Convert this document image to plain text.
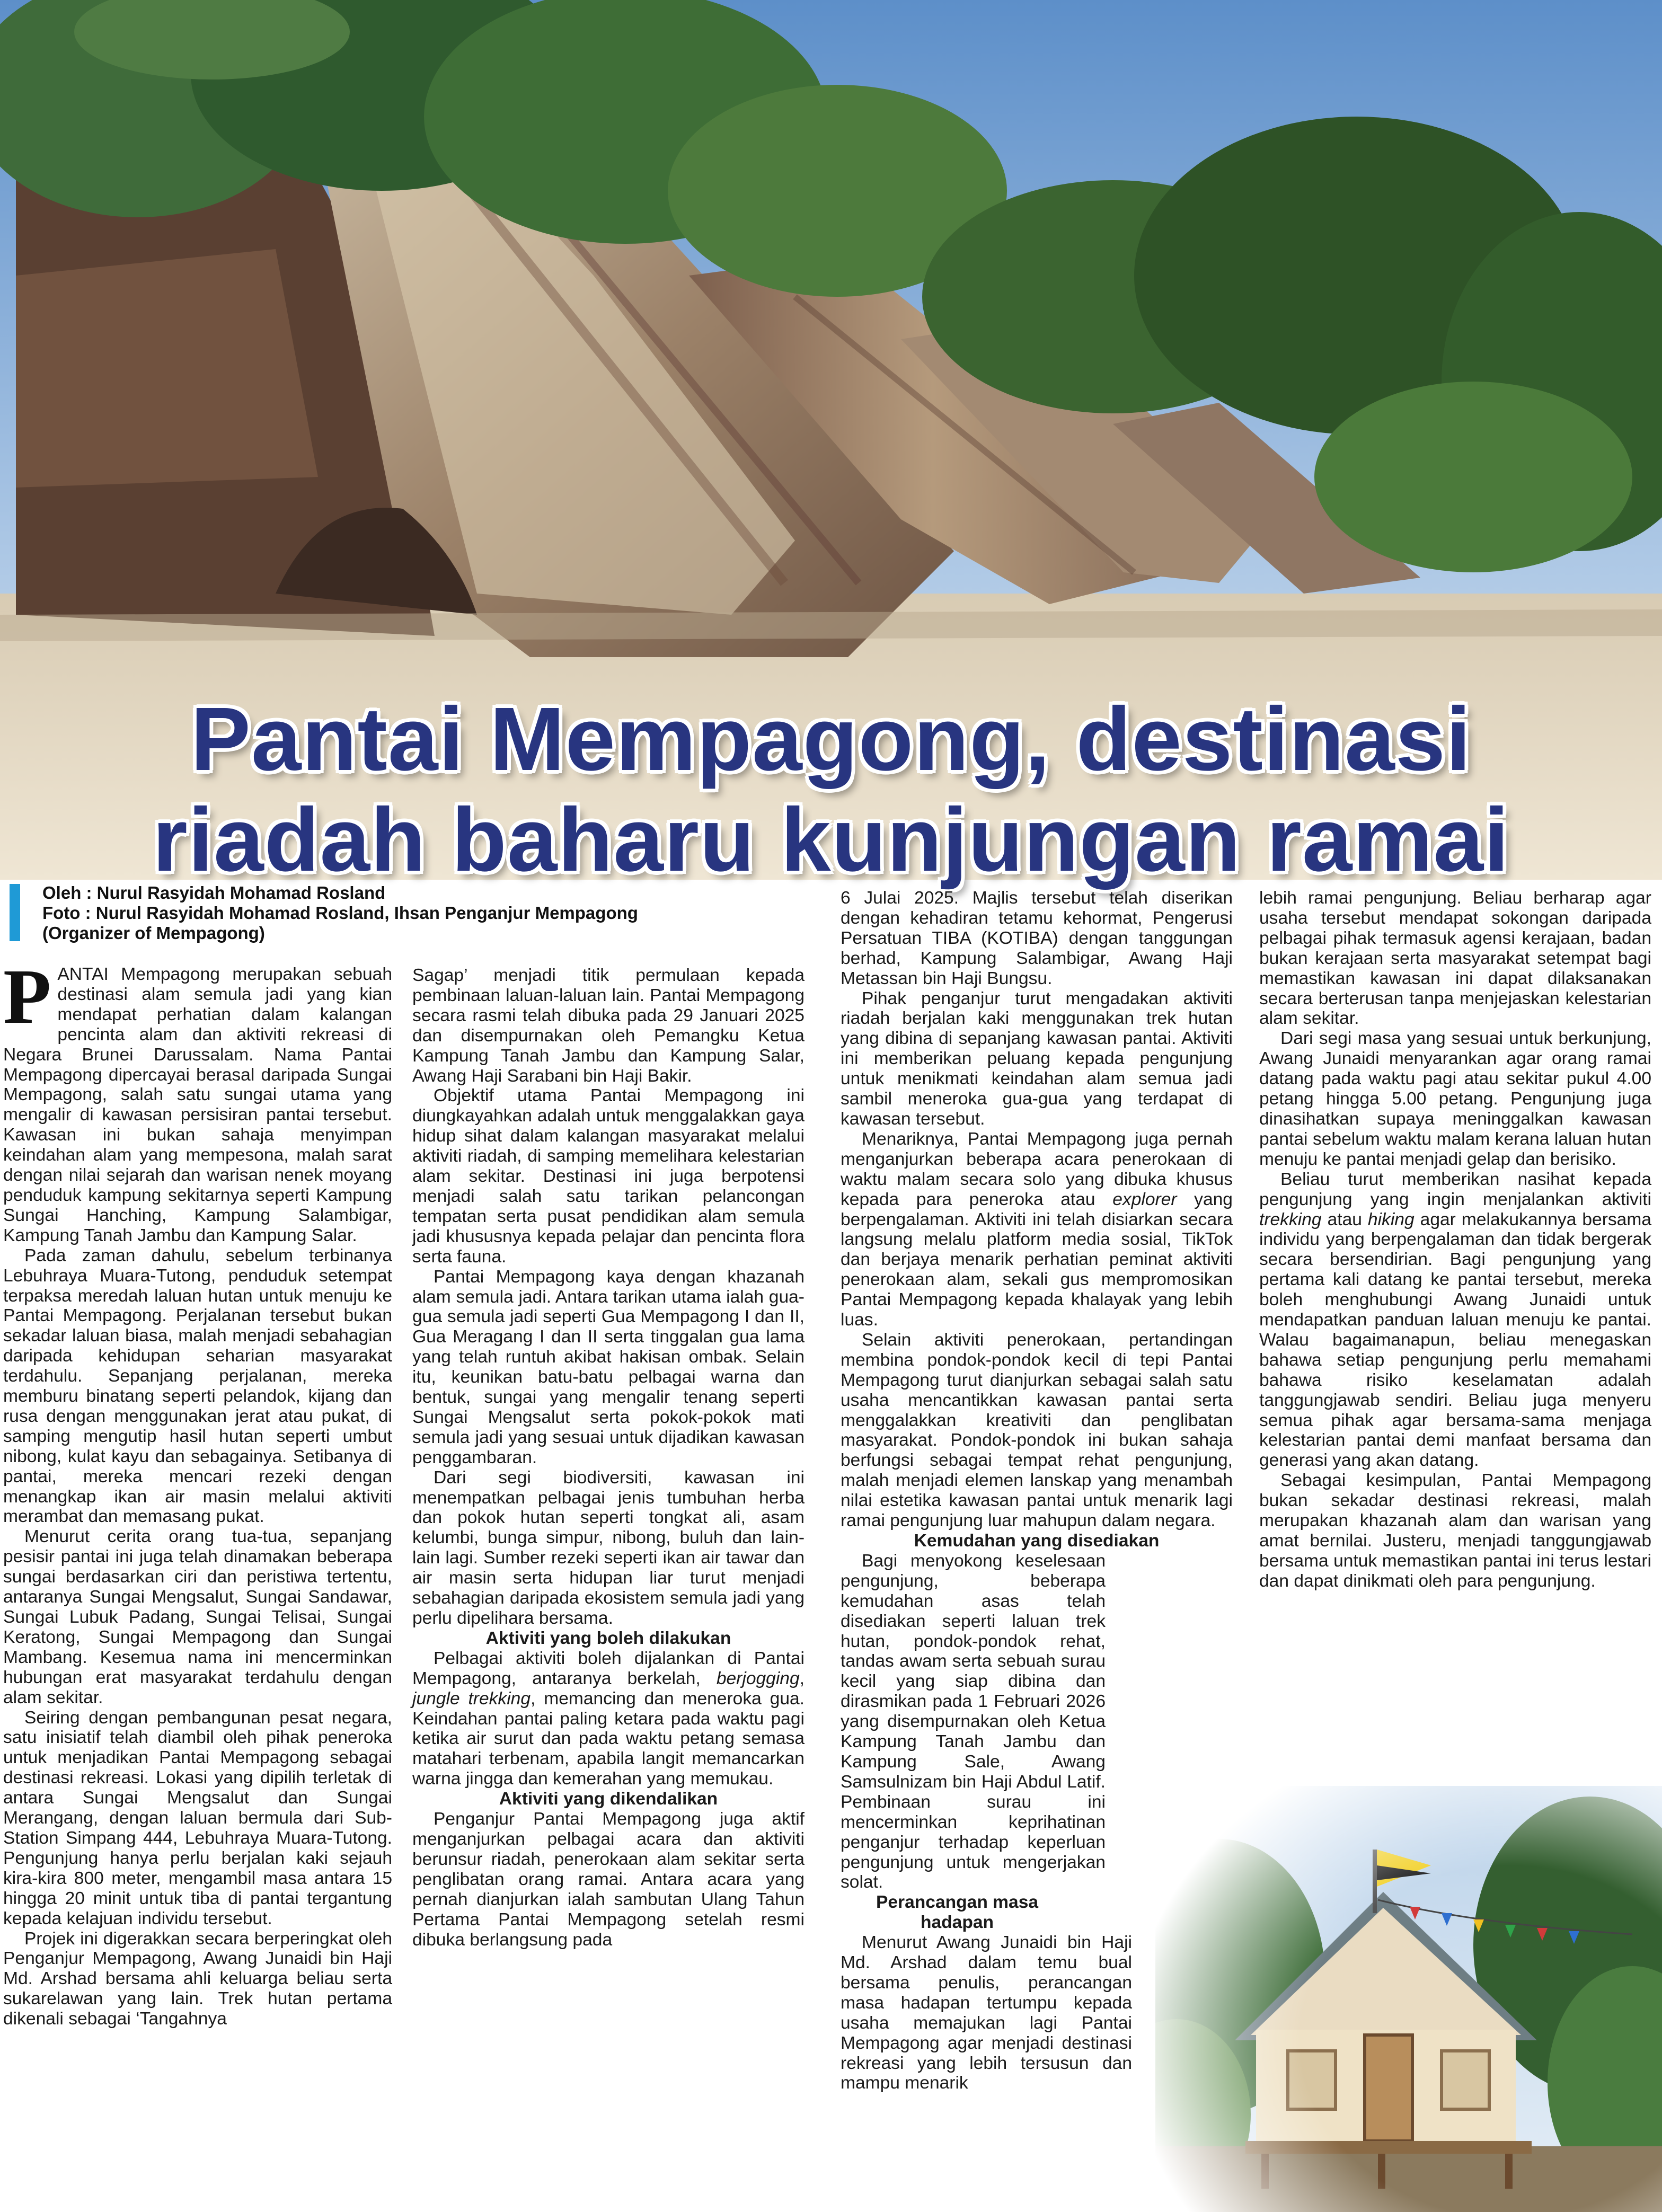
Pantai Mempagong, destinasi
riadah baharu kunjungan ramai
Oleh : Nurul Rasyidah Mohamad Rosland
Foto : Nurul Rasyidah Mohamad Rosland, Ihsan Penganjur Mempagong
(Organizer of Mempagong)

PANTAI Mempagong merupakan sebuah destinasi alam semula jadi yang kian mendapat perhatian dalam kalangan pencinta alam dan aktiviti rekreasi di Negara Brunei Darussalam. Nama Pantai Mempagong dipercayai berasal daripada Sungai Mempagong, salah satu sungai utama yang mengalir di kawasan persisiran pantai tersebut. Kawasan ini bukan sahaja menyimpan keindahan alam yang mempesona, malah sarat dengan nilai sejarah dan warisan nenek moyang penduduk kampung sekitarnya seperti Kampung Sungai Hanching, Kampung Salambigar, Kampung Tanah Jambu dan Kampung Salar.

Pada zaman dahulu, sebelum terbinanya Lebuhraya Muara-Tutong, penduduk setempat terpaksa meredah laluan hutan untuk menuju ke Pantai Mempagong. Perjalanan tersebut bukan sekadar laluan biasa, malah menjadi sebahagian daripada kehidupan seharian masyarakat terdahulu. Sepanjang perjalanan, mereka memburu binatang seperti pelandok, kijang dan rusa dengan menggunakan jerat atau pukat, di samping mengutip hasil hutan seperti umbut nibong, kulat kayu dan sebagainya. Setibanya di pantai, mereka mencari rezeki dengan menangkap ikan air masin melalui aktiviti merambat dan memasang pukat.

Menurut cerita orang tua-tua, sepanjang pesisir pantai ini juga telah dinamakan beberapa sungai berdasarkan ciri dan peristiwa tertentu, antaranya Sungai Mengsalut, Sungai Sandawar, Sungai Lubuk Padang, Sungai Telisai, Sungai Keratong, Sungai Mempagong dan Sungai Mambang. Kesemua nama ini mencerminkan hubungan erat masyarakat terdahulu dengan alam sekitar.

Seiring dengan pembangunan pesat negara, satu inisiatif telah diambil oleh pihak peneroka untuk menjadikan Pantai Mempagong sebagai destinasi rekreasi. Lokasi yang dipilih terletak di antara Sungai Mengsalut dan Sungai Merangang, dengan laluan bermula dari Sub-Station Simpang 444, Lebuhraya Muara-Tutong. Pengunjung hanya perlu berjalan kaki sejauh kira-kira 800 meter, mengambil masa antara 15 hingga 20 minit untuk tiba di pantai tergantung kepada kelajuan individu tersebut.

Projek ini digerakkan secara berperingkat oleh Penganjur Mempagong, Awang Junaidi bin Haji Md. Arshad bersama ahli keluarga beliau serta sukarelawan yang lain. Trek hutan pertama dikenali sebagai ‘Tangahnya

Sagap’ menjadi titik permulaan kepada pembinaan laluan-laluan lain. Pantai Mempagong secara rasmi telah dibuka pada 29 Januari 2025 dan disempurnakan oleh Pemangku Ketua Kampung Tanah Jambu dan Kampung Salar, Awang Haji Sarabani bin Haji Bakir.

Objektif utama Pantai Mempagong ini diungkayahkan adalah untuk menggalakkan gaya hidup sihat dalam kalangan masyarakat melalui aktiviti riadah, di samping memelihara kelestarian alam sekitar. Destinasi ini juga berpotensi menjadi salah satu tarikan pelancongan tempatan serta pusat pendidikan alam semula jadi khususnya kepada pelajar dan pencinta flora serta fauna.

Pantai Mempagong kaya dengan khazanah alam semula jadi. Antara tarikan utama ialah gua-gua semula jadi seperti Gua Mempagong I dan II, Gua Meragang I dan II serta tinggalan gua lama yang telah runtuh akibat hakisan ombak. Selain itu, keunikan batu-batu pelbagai warna dan bentuk, sungai yang mengalir tenang seperti Sungai Mengsalut serta pokok-pokok mati semula jadi yang sesuai untuk dijadikan kawasan penggambaran.

Dari segi biodiversiti, kawasan ini menempatkan pelbagai jenis tumbuhan herba dan pokok hutan seperti tongkat ali, asam kelumbi, bunga simpur, nibong, buluh dan lain-lain lagi. Sumber rezeki seperti ikan air tawar dan air masin serta hidupan liar turut menjadi sebahagian daripada ekosistem semula jadi yang perlu dipelihara bersama.

Aktiviti yang boleh dilakukan

Pelbagai aktiviti boleh dijalankan di Pantai Mempagong, antaranya berkelah, berjogging, jungle trekking, memancing dan meneroka gua. Keindahan pantai paling ketara pada waktu pagi ketika air surut dan pada waktu petang semasa matahari terbenam, apabila langit memancarkan warna jingga dan kemerahan yang memukau.

Aktiviti yang dikendalikan

Penganjur Pantai Mempagong juga aktif menganjurkan pelbagai acara dan aktiviti berunsur riadah, penerokaan alam sekitar serta penglibatan orang ramai. Antara acara yang pernah dianjurkan ialah sambutan Ulang Tahun Pertama Pantai Mempagong setelah resmi dibuka berlangsung pada

6 Julai 2025. Majlis tersebut telah diserikan dengan kehadiran tetamu kehormat, Pengerusi Persatuan TIBA (KOTIBA) dengan tanggungan berhad, Kampung Salambigar, Awang Haji Metassan bin Haji Bungsu.

Pihak penganjur turut mengadakan aktiviti riadah berjalan kaki menggunakan trek hutan yang dibina di sepanjang kawasan pantai. Aktiviti ini memberikan peluang kepada pengunjung untuk menikmati keindahan alam semua jadi sambil meneroka gua-gua yang terdapat di kawasan tersebut.

Menariknya, Pantai Mempagong juga pernah menganjurkan beberapa acara penerokaan di waktu malam secara solo yang dibuka khusus kepada para peneroka atau explorer yang berpengalaman. Aktiviti ini telah disiarkan secara langsung melalu platform media sosial, TikTok dan berjaya menarik perhatian peminat aktiviti penerokaan alam, sekali gus mempromosikan Pantai Mempagong kepada khalayak yang lebih luas.

Selain aktiviti penerokaan, pertandingan membina pondok-pondok kecil di tepi Pantai Mempagong turut dianjurkan sebagai salah satu usaha mencantikkan kawasan pantai serta menggalakkan kreativiti dan penglibatan masyarakat. Pondok-pondok ini bukan sahaja berfungsi sebagai tempat rehat pengunjung, malah menjadi elemen lanskap yang menambah nilai estetika kawasan pantai untuk menarik lagi ramai pengunjung luar mahupun dalam negara.

Kemudahan yang disediakan

Bagi menyokong keselesaan pengunjung, beberapa kemudahan asas telah disediakan seperti laluan trek hutan, pondok-pondok rehat, tandas awam serta sebuah surau kecil yang siap dibina dan dirasmikan pada 1 Februari 2026 yang disempurnakan oleh Ketua Kampung Tanah Jambu dan Kampung Sale, Awang Samsulnizam bin Haji Abdul Latif. Pembinaan surau ini mencerminkan keprihatinan penganjur terhadap keperluan pengunjung untuk mengerjakan solat.

Perancangan masa hadapan

Menurut Awang Junaidi bin Haji Md. Arshad dalam temu bual bersama penulis, perancangan masa hadapan tertumpu kepada usaha memajukan lagi Pantai Mempagong agar menjadi destinasi rekreasi yang lebih tersusun dan mampu menarik

lebih ramai pengunjung. Beliau berharap agar usaha tersebut mendapat sokongan daripada pelbagai pihak termasuk agensi kerajaan, badan bukan kerajaan serta masyarakat setempat bagi memastikan kawasan ini dapat dilaksanakan secara berterusan tanpa menjejaskan kelestarian alam sekitar.

Dari segi masa yang sesuai untuk berkunjung, Awang Junaidi menyarankan agar orang ramai datang pada waktu pagi atau sekitar pukul 4.00 petang hingga 5.00 petang. Pengunjung juga dinasihatkan supaya meninggalkan kawasan pantai sebelum waktu malam kerana laluan hutan menuju ke pantai menjadi gelap dan berisiko.

Beliau turut memberikan nasihat kepada pengunjung yang ingin menjalankan aktiviti trekking atau hiking agar melakukannya bersama individu yang berpengalaman dan tidak bergerak secara bersendirian. Bagi pengunjung yang pertama kali datang ke pantai tersebut, mereka boleh menghubungi Awang Junaidi untuk mendapatkan panduan laluan menuju ke pantai. Walau bagaimanapun, beliau menegaskan bahawa setiap pengunjung perlu memahami bahawa risiko keselamatan adalah tanggungjawab sendiri. Beliau juga menyeru semua pihak agar bersama-sama menjaga kelestarian pantai demi manfaat bersama dan generasi yang akan datang.

Sebagai kesimpulan, Pantai Mempagong bukan sekadar destinasi rekreasi, malah merupakan khazanah alam dan warisan yang amat bernilai. Justeru, menjadi tanggungjawab bersama untuk memastikan pantai ini terus lestari dan dapat dinikmati oleh para pengunjung.
